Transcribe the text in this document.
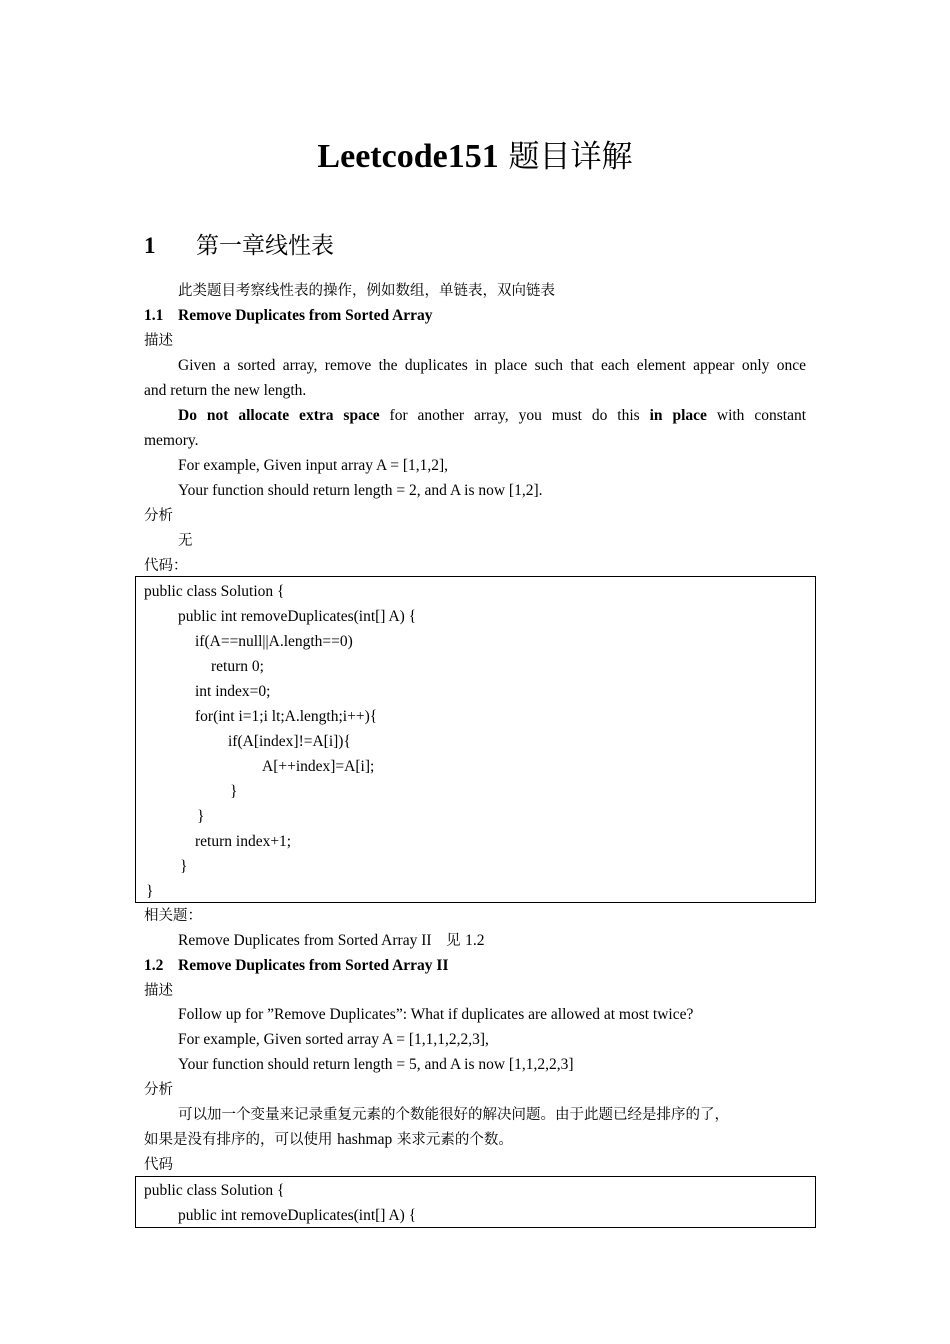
Leetcode151 题目详解
1 第一章线性表
此类题目考察线性表的操作，例如数组，单链表，双向链表
1.1 Remove Duplicates from Sorted Array
描述
Given a sorted array, remove the duplicates in place such that each element appear only once
and return the new length.
Do not allocate extra space for another array, you must do this in place with constant
memory.
For example, Given input array A = [1,1,2],
Your function should return length = 2, and A is now [1,2].
分析
无
代码：
public class Solution {
public int removeDuplicates(int[] A) {
if(A==null||A.length==0)
return 0;
int index=0;
for(int i=1;i lt;A.length;i++){
if(A[index]!=A[i]){
A[++index]=A[i];
}
}
return index+1;
}
}
相关题：
Remove Duplicates from Sorted Array II　见 1.2
1.2 Remove Duplicates from Sorted Array II
描述
Follow up for ”Remove Duplicates”: What if duplicates are allowed at most twice?
For example, Given sorted array A = [1,1,1,2,2,3],
Your function should return length = 5, and A is now [1,1,2,2,3]
分析
可以加一个变量来记录重复元素的个数能很好的解决问题。由于此题已经是排序的了，
如果是没有排序的，可以使用 hashmap 来求元素的个数。
代码
public class Solution {
public int removeDuplicates(int[] A) {
